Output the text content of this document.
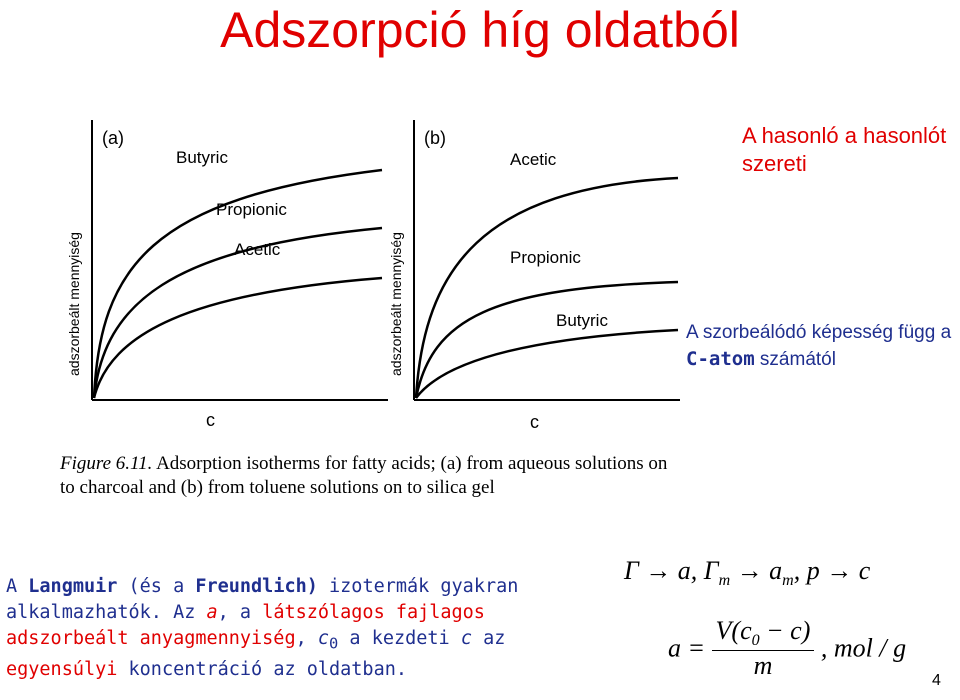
Adszorpció híg oldatból
adszorbeált mennyiség
(a)
Butyric
Propionic
Acetic
c
adszorbeált mennyiség
(b)
Acetic
Propionic
Butyric
c
Figure 6.11. Adsorption isotherms for fatty acids; (a) from aqueous solutions on to charcoal and (b) from toluene solutions on to silica gel
A hasonló a hasonlót szereti
A szorbeálódó képesség függ a C-atom számától
A Langmuir (és a Freundlich) izotermák gyakran alkalmazhatók. Az a, a látszólagos fajlagos adszorbeált anyagmennyiség, $c_0$ a kezdeti c az egyensúlyi koncentráció az oldatban.
Γ → a, $\Gamma_m \to a_m$, p → c
$a = \frac{V(c_0 - c)}{m}$ , mol / g
4
